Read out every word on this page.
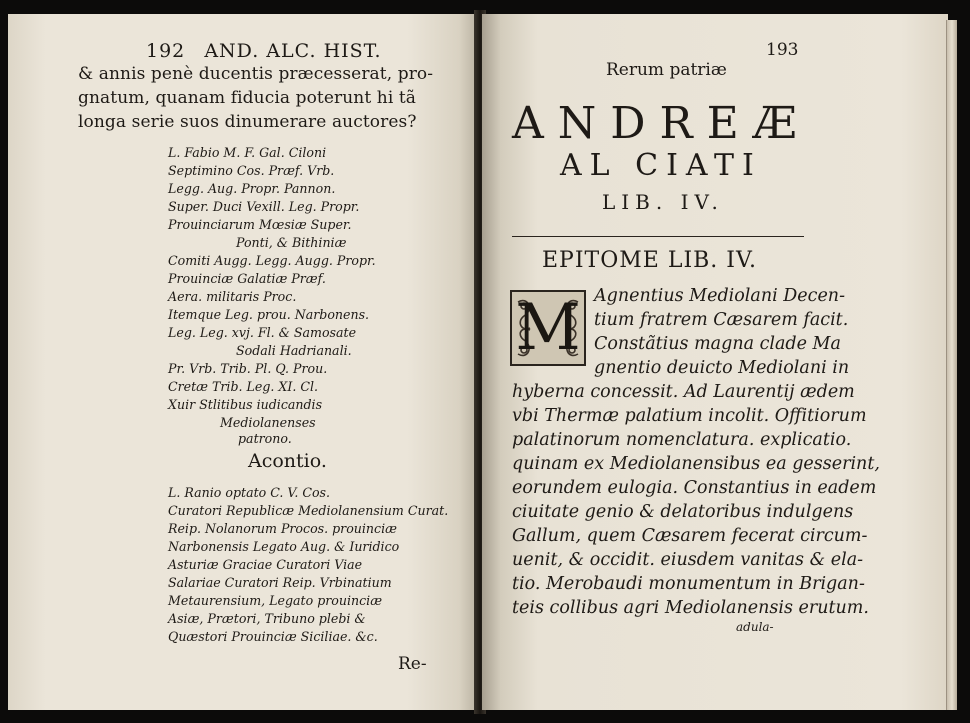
192 AND. ALC. HIST.
& annis penè ducentis præcesserat, pro-
gnatum, quanam fiducia poterunt hi tã
longa serie suos dinumerare auctores?
L. Fabio M. F. Gal. Ciloni
Septimino Cos. Præf. Vrb.
Legg. Aug. Propr. Pannon.
Super. Duci Vexill. Leg. Propr.
Prouinciarum Mœsiæ Super.
Ponti, & Bithiniæ
Comiti Augg. Legg. Augg. Propr.
Prouinciæ Galatiæ Præf.
Aera. militaris Proc.
Itemque Leg. prou. Narbonens.
Leg. Leg. xvj. Fl. & Samosate
Sodali Hadrianali.
Pr. Vrb. Trib. Pl. Q. Prou.
Cretæ Trib. Leg. XI. Cl.
Xuir Stlitibus iudicandis
Mediolanenses
patrono.
Acontio.
L. Ranio optato C. V. Cos.
Curatori Republicæ Mediolanensium Curat.
Reip. Nolanorum Procos. prouinciæ
Narbonensis Legato Aug. & Iuridico
Asturiæ Graciae Curatori Viae
Salariae Curatori Reip. Vrbinatium
Metaurensium, Legato prouinciæ
Asiæ, Prætori, Tribuno plebi &
Quæstori Prouinciæ Siciliae. &c.
Re-
193
Rerum patriæ
ANDREÆ
AL CIATI
LIB. IV.
EPITOME LIB. IV.
M Agnentius Mediolani Decen-
tium fratrem Cæsarem facit.
Constãtius magna clade Ma
gnentio deuicto Mediolani in
hyberna concessit. Ad Laurentij ædem
vbi Thermæ palatium incolit. Offitiorum
palatinorum nomenclatura. explicatio.
quinam ex Mediolanensibus ea gesserint,
eorundem eulogia. Constantius in eadem
ciuitate genio & delatoribus indulgens
Gallum, quem Cæsarem fecerat circum-
uenit, & occidit. eiusdem vanitas & ela-
tio. Merobaudi monumentum in Brigan-
teis collibus agri Mediolanensis erutum.
adula-
